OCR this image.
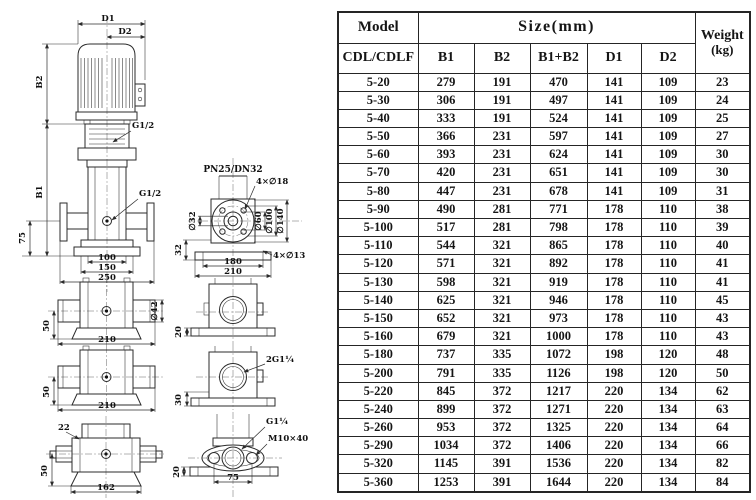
D1
D2
B2
B1
75
G1/2
G1/2
100
150
250
PN25/DN32
4×∅18
∅60 ∅100 ∅140
∅32
32
180
210
4×∅13
50
210
∅42
20
50
210
2G1¼
30
22
50
162
G1¼
M10×40
75
20
Model	Size(mm)					Weight
(kg)

CDL/CDLF	B1	B2	B1+B2	D1	D2	
5-20	279	191	470	141	109	23
5-30	306	191	497	141	109	24
5-40	333	191	524	141	109	25
5-50	366	231	597	141	109	27
5-60	393	231	624	141	109	30
5-70	420	231	651	141	109	30
5-80	447	231	678	141	109	31
5-90	490	281	771	178	110	38
5-100	517	281	798	178	110	39
5-110	544	321	865	178	110	40
5-120	571	321	892	178	110	41
5-130	598	321	919	178	110	41
5-140	625	321	946	178	110	45
5-150	652	321	973	178	110	43
5-160	679	321	1000	178	110	43
5-180	737	335	1072	198	120	48
5-200	791	335	1126	198	120	50
5-220	845	372	1217	220	134	62
5-240	899	372	1271	220	134	63
5-260	953	372	1325	220	134	64
5-290	1034	372	1406	220	134	66
5-320	1145	391	1536	220	134	82
5-360	1253	391	1644	220	134	84
